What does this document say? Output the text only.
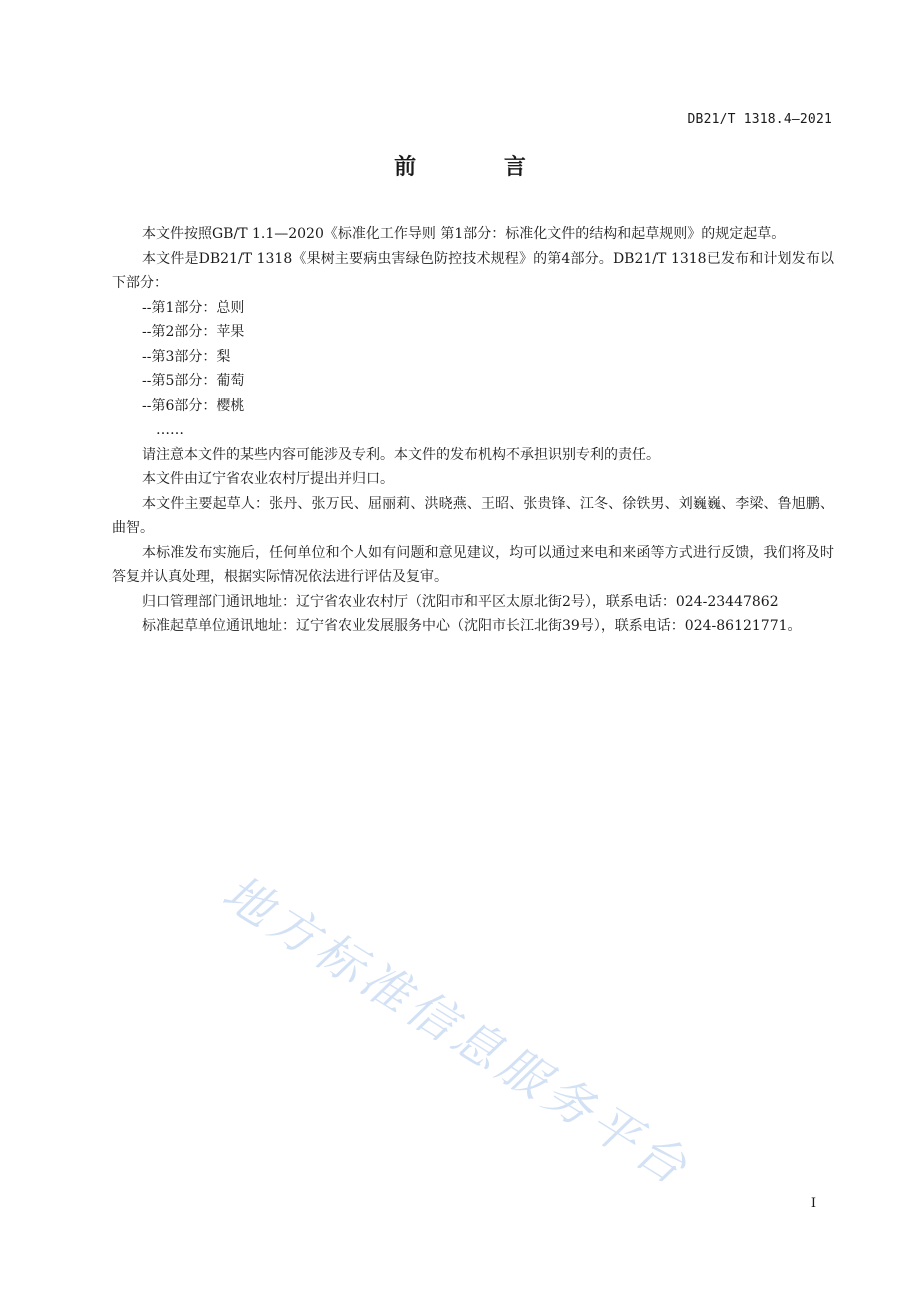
DB21/T 1318.4—2021
前 言

本文件按照GB/T 1.1—2020《标准化工作导则 第1部分：标准化文件的结构和起草规则》的规定起草。

本文件是DB21/T 1318《果树主要病虫害绿色防控技术规程》的第4部分。DB21/T 1318已发布和计划发布以下部分：

--第1部分：总则

--第2部分：苹果

--第3部分：梨

--第5部分：葡萄

--第6部分：樱桃

……

请注意本文件的某些内容可能涉及专利。本文件的发布机构不承担识别专利的责任。

本文件由辽宁省农业农村厅提出并归口。

本文件主要起草人：张丹、张万民、屈丽莉、洪晓燕、王昭、张贵锋、江冬、徐铁男、刘巍巍、李梁、鲁旭鹏、曲智。

本标准发布实施后，任何单位和个人如有问题和意见建议，均可以通过来电和来函等方式进行反馈，我们将及时答复并认真处理，根据实际情况依法进行评估及复审。

归口管理部门通讯地址：辽宁省农业农村厅（沈阳市和平区太原北街2号），联系电话：024-23447862

标准起草单位通讯地址：辽宁省农业发展服务中心（沈阳市长江北街39号），联系电话：024-86121771。

地方标准信息服务平台
I
